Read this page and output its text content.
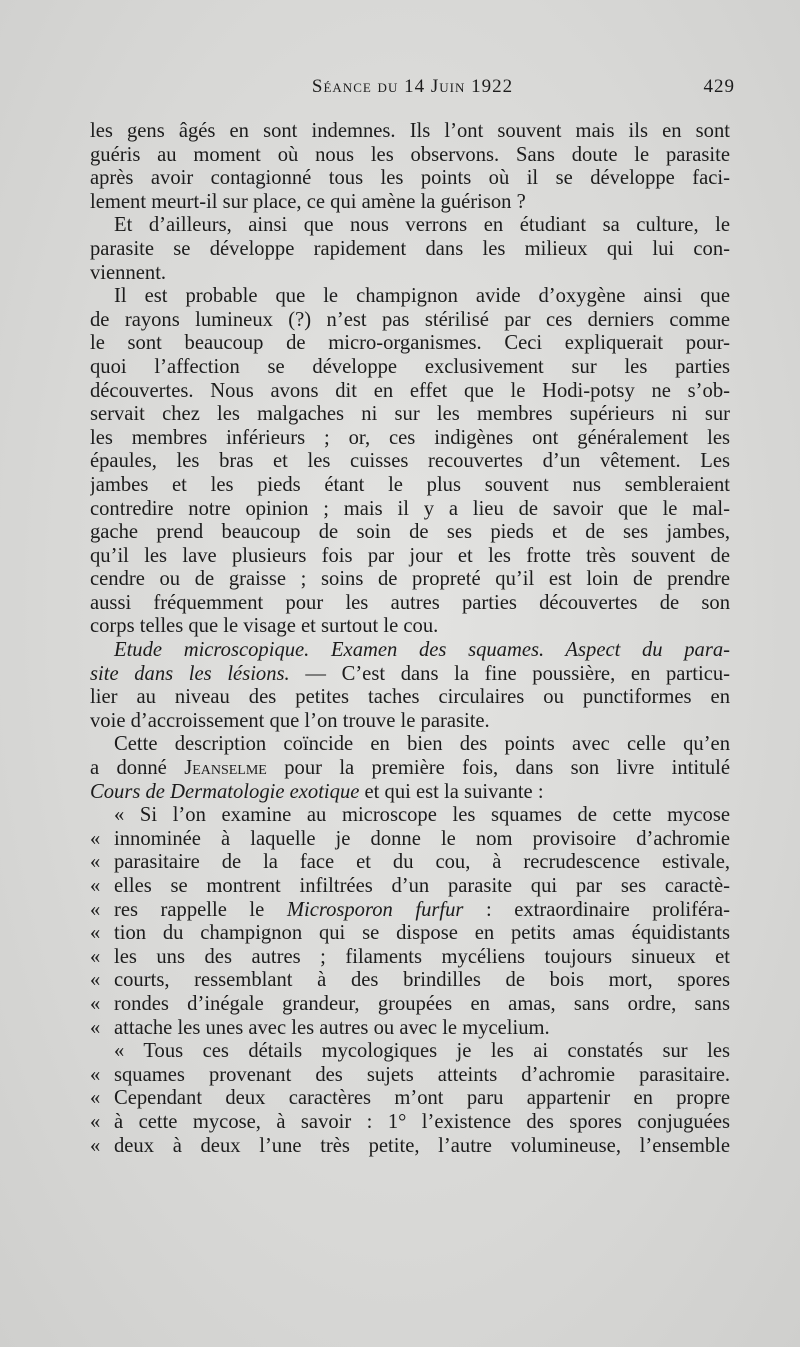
Séance du 14 Juin 1922	429
les gens âgés en sont indemnes. Ils l’ont souvent mais ils en sont
guéris au moment où nous les observons. Sans doute le parasite
après avoir contagionné tous les points où il se développe faci-
lement meurt-il sur place, ce qui amène la guérison ?
Et d’ailleurs, ainsi que nous verrons en étudiant sa culture, le
parasite se développe rapidement dans les milieux qui lui con-
viennent.
Il est probable que le champignon avide d’oxygène ainsi que
de rayons lumineux (?) n’est pas stérilisé par ces derniers comme
le sont beaucoup de micro-organismes. Ceci expliquerait pour-
quoi l’affection se développe exclusivement sur les parties
découvertes. Nous avons dit en effet que le Hodi-potsy ne s’ob-
servait chez les malgaches ni sur les membres supérieurs ni sur
les membres inférieurs ; or, ces indigènes ont généralement les
épaules, les bras et les cuisses recouvertes d’un vêtement. Les
jambes et les pieds étant le plus souvent nus sembleraient
contredire notre opinion ; mais il y a lieu de savoir que le mal-
gache prend beaucoup de soin de ses pieds et de ses jambes,
qu’il les lave plusieurs fois par jour et les frotte très souvent de
cendre ou de graisse ; soins de propreté qu’il est loin de prendre
aussi fréquemment pour les autres parties découvertes de son
corps telles que le visage et surtout le cou.
Etude microscopique. Examen des squames. Aspect du para-
site dans les lésions. — C’est dans la fine poussière, en particu-
lier au niveau des petites taches circulaires ou punctiformes en
voie d’accroissement que l’on trouve le parasite.
Cette description coïncide en bien des points avec celle qu’en
a donné Jeanselme pour la première fois, dans son livre intitulé
Cours de Dermatologie exotique et qui est la suivante :
« Si l’on examine au microscope les squames de cette mycose
« innominée à laquelle je donne le nom provisoire d’achromie
« parasitaire de la face et du cou, à recrudescence estivale,
« elles se montrent infiltrées d’un parasite qui par ses caractè-
« res rappelle le Microsporon furfur : extraordinaire proliféra-
« tion du champignon qui se dispose en petits amas équidistants
« les uns des autres ; filaments mycéliens toujours sinueux et
« courts, ressemblant à des brindilles de bois mort, spores
« rondes d’inégale grandeur, groupées en amas, sans ordre, sans
« attache les unes avec les autres ou avec le mycelium.
« Tous ces détails mycologiques je les ai constatés sur les
« squames provenant des sujets atteints d’achromie parasitaire.
« Cependant deux caractères m’ont paru appartenir en propre
« à cette mycose, à savoir : 1° l’existence des spores conjuguées
« deux à deux l’une très petite, l’autre volumineuse, l’ensemble
